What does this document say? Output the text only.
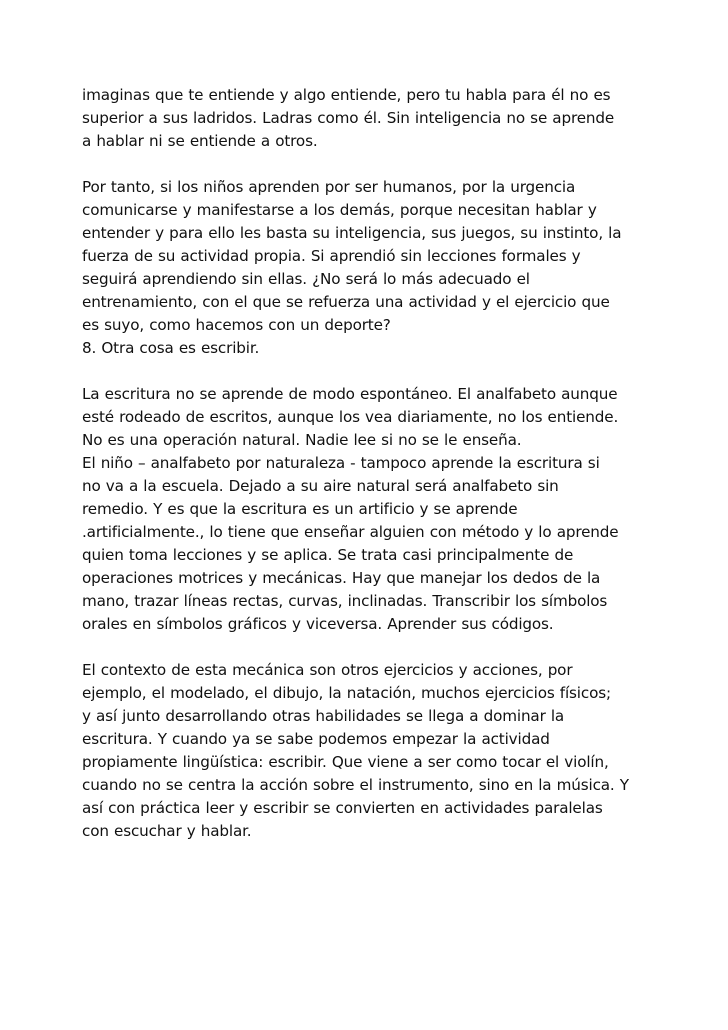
imaginas que te entiende y algo entiende, pero tu habla para él no es
superior a sus ladridos. Ladras como él. Sin inteligencia no se aprende
a hablar ni se entiende a otros.

Por tanto, si los niños aprenden por ser humanos, por la urgencia
comunicarse y manifestarse a los demás, porque necesitan hablar y
entender y para ello les basta su inteligencia, sus juegos, su instinto, la
fuerza de su actividad propia. Si aprendió sin lecciones formales y
seguirá aprendiendo sin ellas. ¿No será lo más adecuado el
entrenamiento, con el que se refuerza una actividad y el ejercicio que
es suyo, como hacemos con un deporte?
8. Otra cosa es escribir.

La escritura no se aprende de modo espontáneo. El analfabeto aunque
esté rodeado de escritos, aunque los vea diariamente, no los entiende.
No es una operación natural. Nadie lee si no se le enseña.
El niño – analfabeto por naturaleza - tampoco aprende la escritura si
no va a la escuela. Dejado a su aire natural será analfabeto sin
remedio. Y es que la escritura es un artificio y se aprende
.artificialmente., lo tiene que enseñar alguien con método y lo aprende
quien toma lecciones y se aplica. Se trata casi principalmente de
operaciones motrices y mecánicas. Hay que manejar los dedos de la
mano, trazar líneas rectas, curvas, inclinadas. Transcribir los símbolos
orales en símbolos gráficos y viceversa. Aprender sus códigos.

El contexto de esta mecánica son otros ejercicios y acciones, por
ejemplo, el modelado, el dibujo, la natación, muchos ejercicios físicos;
y así junto desarrollando otras habilidades se llega a dominar la
escritura. Y cuando ya se sabe podemos empezar la actividad
propiamente lingüística: escribir. Que viene a ser como tocar el violín,
cuando no se centra la acción sobre el instrumento, sino en la música. Y
así con práctica leer y escribir se convierten en actividades paralelas
con escuchar y hablar.
